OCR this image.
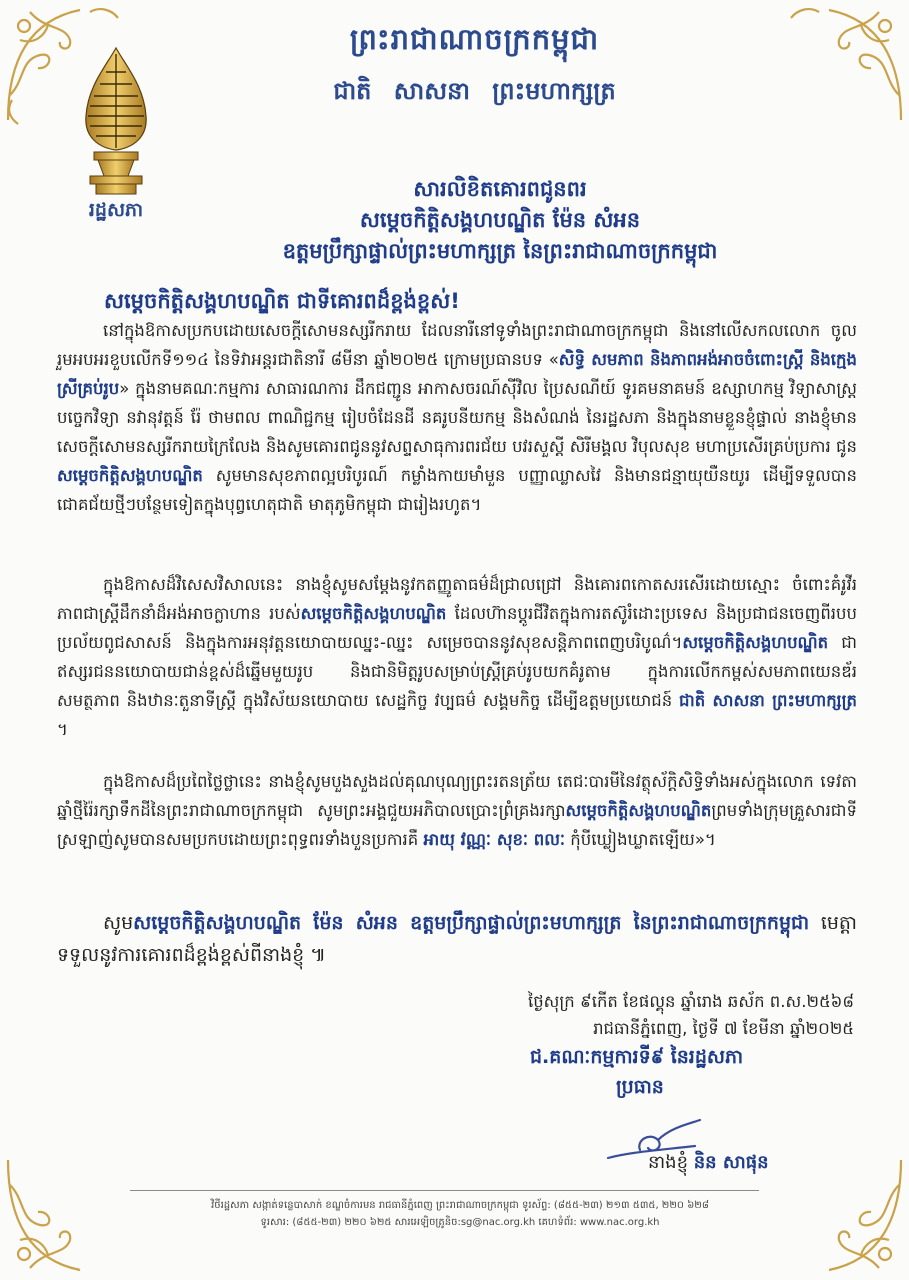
ព្រះរាជាណាចក្រកម្ពុជា
ជាតិ សាសនា ព្រះមហាក្សត្រ
រដ្ឋសភា
សារលិខិតគោរពជូនពរ
សម្តេចកិត្តិសង្គហបណ្ឌិត ម៉ែន សំអន
ឧត្តមប្រឹក្សាផ្ទាល់ព្រះមហាក្សត្រ នៃព្រះរាជាណាចក្រកម្ពុជា
សម្តេចកិត្តិសង្គហបណ្ឌិត ជាទីគោរពដ៏ខ្ពង់ខ្ពស់!
នៅក្នុងឱកាសប្រកបដោយសេចក្តីសោមនស្សរីករាយ ដែលនារីនៅទូទាំងព្រះរាជាណាចក្រកម្ពុជា និងនៅលើសកលលោក ចូលរួមអបអរខួបលើកទី១១៤ នៃទិវាអន្តរជាតិនារី ៨មីនា ឆ្នាំ២០២៥ ក្រោមប្រធានបទ «សិទ្ធិ សមភាព និងភាពអង់អាចចំពោះស្ត្រី និងក្មេងស្រីគ្រប់រូប» ក្នុងនាមគណៈកម្មការ សាធារណការ ដឹកជញ្ជូន អាកាសចរណ៍ស៊ីវិល ប្រៃសណីយ៍ ទូរគមនាគមន៍ ឧស្សាហកម្ម វិទ្យាសាស្ត្រ បច្ចេកវិទ្យា នវានុវត្តន៍ រ៉ែ ថាមពល ពាណិជ្ជកម្ម រៀបចំដែនដី នគរូបនីយកម្ម និងសំណង់ នៃរដ្ឋសភា និងក្នុងនាមខ្លួនខ្ញុំផ្ទាល់ នាងខ្ញុំមានសេចក្តីសោមនស្សរីករាយក្រៃលែង និងសូមគោរពជូននូវសព្ទសាធុការពរជ័យ បវរសួស្តី សិរីមង្គល វិបុលសុខ មហាប្រសើរគ្រប់ប្រការ ជូន សម្តេចកិត្តិសង្គហបណ្ឌិត សូមមានសុខភាពល្អបរិបូរណ៍ កម្លាំងកាយមាំមួន បញ្ញាឈ្លាសវៃ និងមានជន្មាយុយឺនយូរ ដើម្បីទទួលបានជោគជ័យថ្មីៗបន្ថែមទៀតក្នុងបុព្វហេតុជាតិ មាតុភូមិកម្ពុជា ជារៀងរហូត។
ក្នុងឱកាសដ៏វិសេសវិសាលនេះ នាងខ្ញុំសូមសម្តែងនូវកតញ្ញូតាធម៌ដ៏ជ្រាលជ្រៅ និងគោរពកោតសរសើរដោយស្មោះ ចំពោះគំរូវីរភាពជាស្ត្រីដឹកនាំដ៏អង់អាចក្លាហាន របស់សម្តេចកិត្តិសង្គហបណ្ឌិត ដែលហ៊ានប្តូរជីវិតក្នុងការតស៊ូរំដោះប្រទេស និងប្រជាជនចេញពីរបបប្រល័យពូជសាសន៍ និងក្នុងការអនុវត្តនយោបាយឈ្នះ-ឈ្នះ សម្រេចបាននូវសុខសន្តិភាពពេញបរិបូណ៌។សម្តេចកិត្តិសង្គហបណ្ឌិត ជាឥស្សរជននយោបាយជាន់ខ្ពស់ដ៏ឆ្នើមមួយរូប និងជានិមិត្តរូបសម្រាប់ស្ត្រីគ្រប់រូបយកគំរូតាម ក្នុងការលើកកម្ពស់សមភាពយេនឌ័រ សមត្ថភាព និងឋានៈតួនាទីស្ត្រី ក្នុងវិស័យនយោបាយ សេដ្ឋកិច្ច វប្បធម៌ សង្គមកិច្ច ដើម្បីឧត្តមប្រយោជន៍ ជាតិ សាសនា ព្រះមហាក្សត្រ ។
ក្នុងឱកាសដ៏ប្រពៃថ្លៃថ្លានេះ នាងខ្ញុំសូមបួងសួងដល់គុណបុណ្យព្រះរតនត្រ័យ តេជៈបារមីនៃវត្ថុស័ក្តិសិទ្ធិទាំងអស់ក្នុងលោក ទេវតាឆ្នាំថ្មីរ៉ៃរក្សាទឹកដីនៃព្រះរាជាណាចក្រកម្ពុជា សូមព្រះអង្គជួយអភិបាលប្រោះព្រំគ្រងរក្សាសម្តេចកិត្តិសង្គហបណ្ឌិតព្រមទាំងក្រុមគ្រួសារជាទីស្រឡាញ់សូមបានសមប្រកបដោយព្រះពុទ្ធពរទាំងបួនប្រការគឺ អាយុ វណ្ណៈ សុខៈ ពលៈ កុំបីឃ្លៀងឃ្លាតឡើយ»។
សូមសម្តេចកិត្តិសង្គហបណ្ឌិត ម៉ែន សំអន ឧត្តមប្រឹក្សាផ្ទាល់ព្រះមហាក្សត្រ នៃព្រះរាជាណាចក្រកម្ពុជា មេត្តាទទួលនូវការគោរពដ៏ខ្ពង់ខ្ពស់ពីនាងខ្ញុំ ៕
ថ្ងៃសុក្រ ៩កើត ខែផល្គុន ឆ្នាំរោង ឆស័ក ព.ស.២៥៦៨
រាជធានីភ្នំពេញ, ថ្ងៃទី ៧ ខែមីនា ឆ្នាំ២០២៥
ជ.គណៈកម្មការទី៩ នៃរដ្ឋសភា
ប្រធាន
នាងខ្ញុំ និន សាផុន
វិថីរដ្ឋសភា សង្កាត់ទន្លេបាសាក់ ខណ្ឌចំការមន រាជធានីភ្នំពេញ ព្រះរាជាណាចក្រកម្ពុជា ទូរស័ព្ទ: (៨៥៥-២៣) ២១៣ ៥៣៥, ២២០ ៦២៨
ទូរសារ: (៨៥៥-២៣) ២២០ ៦២៥ សារអេឡិចត្រូនិច:sg@nac.org.kh គេហទំព័រ: www.nac.org.kh
